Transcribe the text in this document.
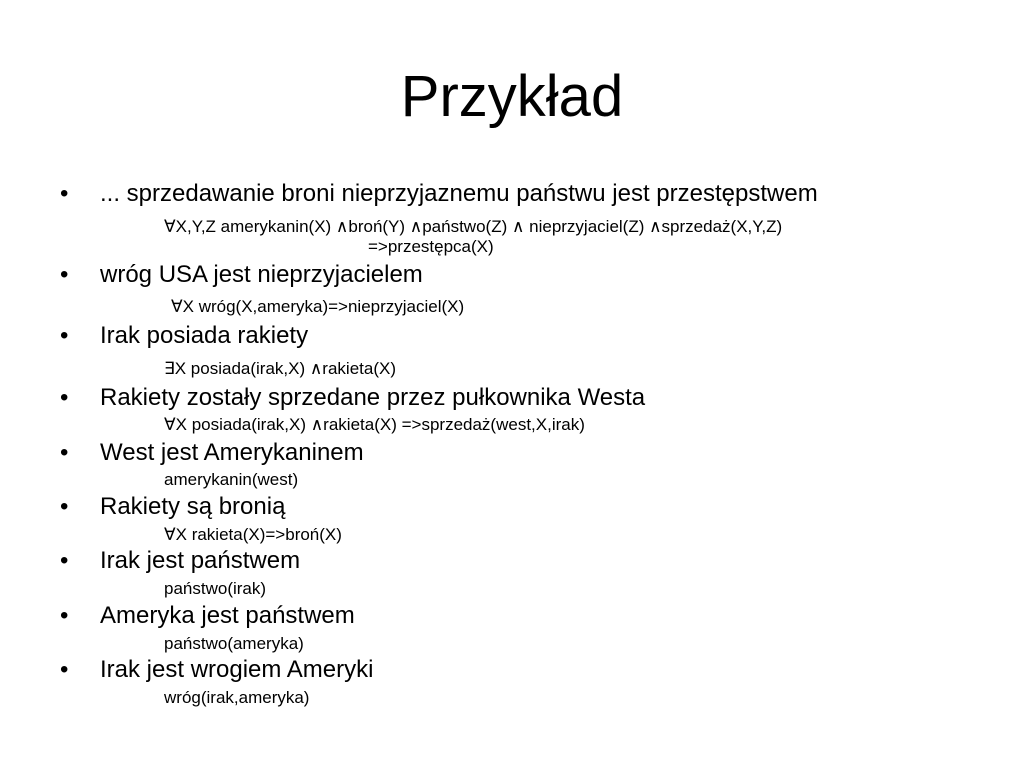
Przykład
• ... sprzedawanie broni nieprzyjaznemu państwu jest przestępstwem
∀X,Y,Z amerykanin(X) ∧broń(Y) ∧państwo(Z) ∧ nieprzyjaciel(Z) ∧sprzedaż(X,Y,Z)
=>przestępca(X)
• wróg USA jest nieprzyjacielem
∀X wróg(X,ameryka)=>nieprzyjaciel(X)
• Irak posiada rakiety
∃X posiada(irak,X) ∧rakieta(X)
• Rakiety zostały sprzedane przez pułkownika Westa
∀X posiada(irak,X) ∧rakieta(X) =>sprzedaż(west,X,irak)
• West jest Amerykaninem
amerykanin(west)
• Rakiety są bronią
∀X rakieta(X)=>broń(X)
• Irak jest państwem
państwo(irak)
• Ameryka jest państwem
państwo(ameryka)
• Irak jest wrogiem Ameryki
wróg(irak,ameryka)
